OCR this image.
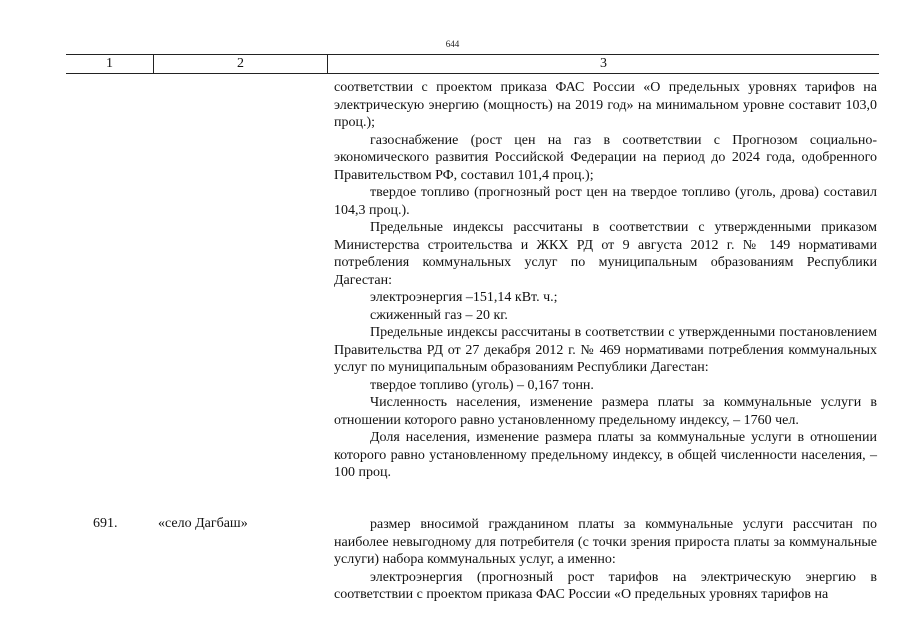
644
1	2	3

соответствии с проектом приказа ФАС России «О предельных уровнях тарифов на электрическую энергию (мощность) на 2019 год» на минимальном уровне составит 103,0 проц.);

газоснабжение (рост цен на газ в соответствии с Прогнозом социально-экономического развития Российской Федерации на период до 2024 года, одобренного Правительством РФ, составил 101,4 проц.);

твердое топливо (прогнозный рост цен на твердое топливо (уголь, дрова) составил 104,3 проц.).

Предельные индексы рассчитаны в соответствии с утвержденными приказом Министерства строительства и ЖКХ РД от 9 августа 2012 г. № 149 нормативами потребления коммунальных услуг по муниципальным образованиям Республики Дагестан:

электроэнергия –151,14 кВт. ч.;

сжиженный газ – 20 кг.

Предельные индексы рассчитаны в соответствии с утвержденными постановлением Правительства РД от 27 декабря 2012 г. № 469 нормативами потребления коммунальных услуг по муниципальным образованиям Республики Дагестан:

твердое топливо (уголь) – 0,167 тонн.

Численность населения, изменение размера платы за коммунальные услуги в отношении которого равно установленному предельному индексу, – 1760 чел.

Доля населения, изменение размера платы за коммунальные услуги в отношении которого равно установленному предельному индексу, в общей численности населения, – 100 проц.

691.	«село Дагбаш»	размер вносимой гражданином платы за коммунальные услуги рассчитан по наиболее невыгодному для потребителя (с точки зрения прироста платы за коммунальные услуги) набора коммунальных услуг, а именно:

электроэнергия (прогнозный рост тарифов на электрическую энергию в соответствии с проектом приказа ФАС России «О предельных уровнях тарифов на
